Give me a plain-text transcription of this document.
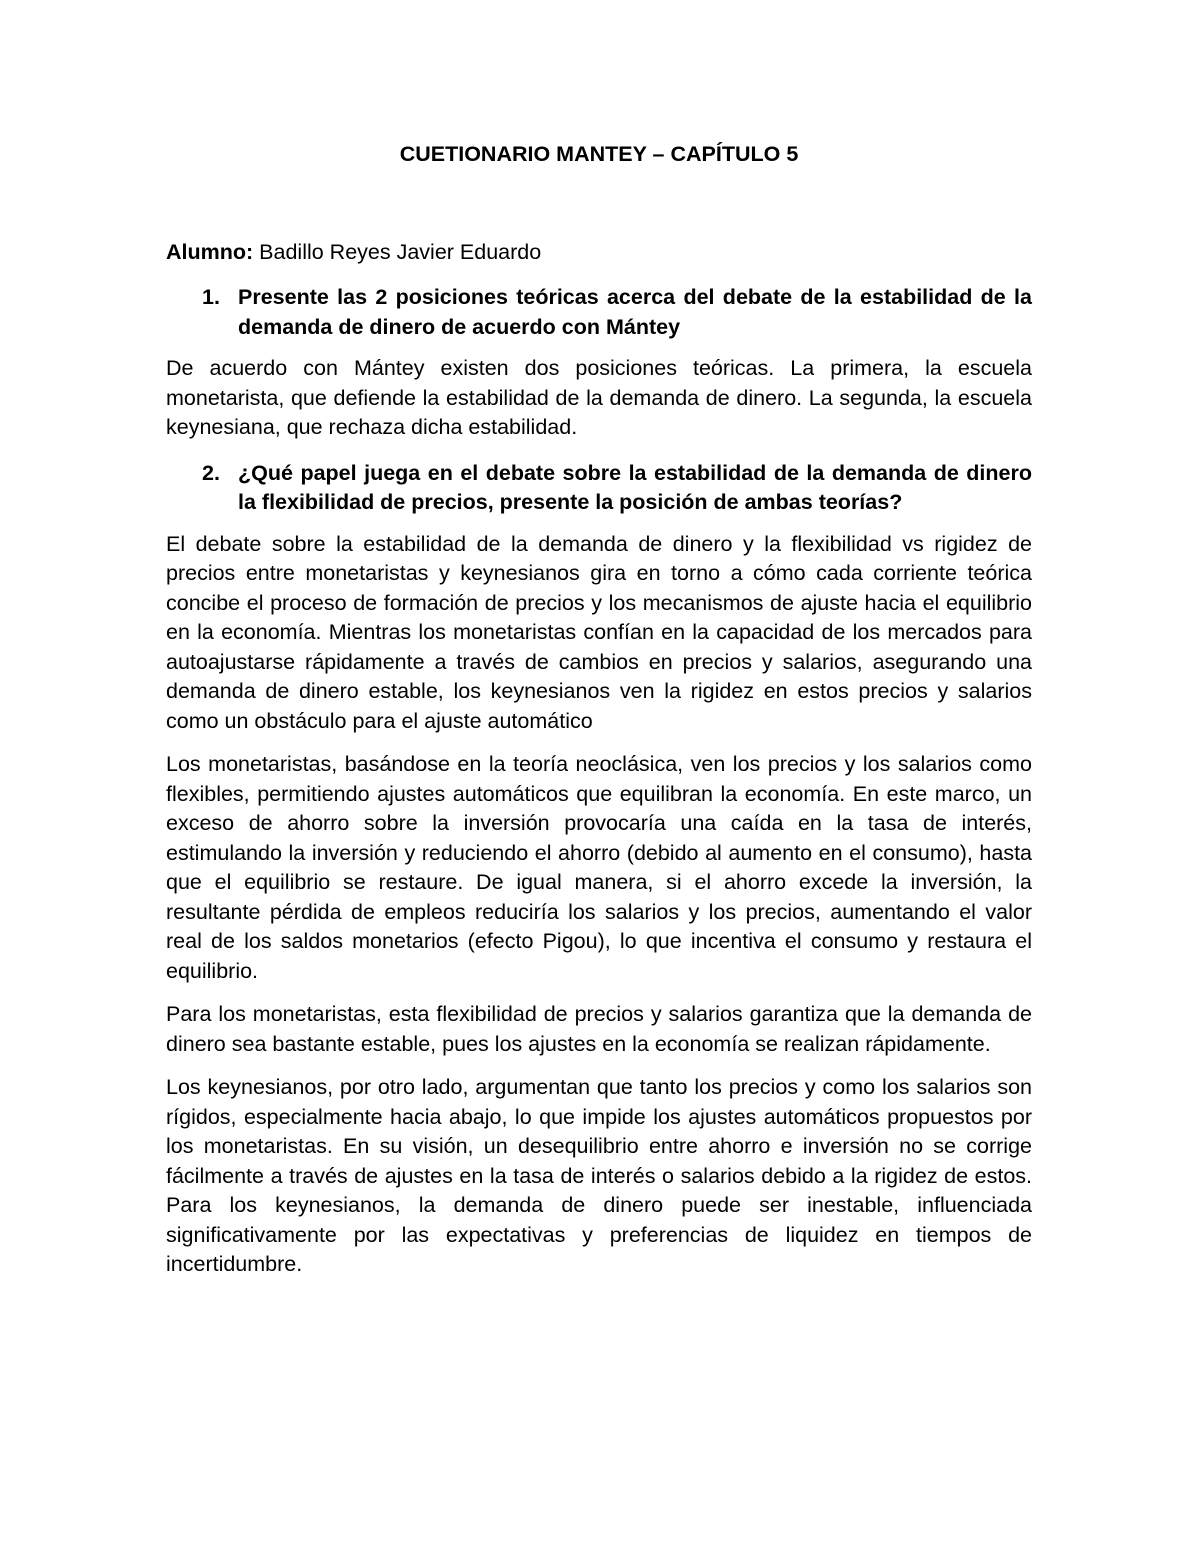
CUETIONARIO MANTEY – CAPÍTULO 5

Alumno: Badillo Reyes Javier Eduardo

1. Presente las 2 posiciones teóricas acerca del debate de la estabilidad de la demanda de dinero de acuerdo con Mántey

De acuerdo con Mántey existen dos posiciones teóricas. La primera, la escuela monetarista, que defiende la estabilidad de la demanda de dinero. La segunda, la escuela keynesiana, que rechaza dicha estabilidad.

2. ¿Qué papel juega en el debate sobre la estabilidad de la demanda de dinero la flexibilidad de precios, presente la posición de ambas teorías?

El debate sobre la estabilidad de la demanda de dinero y la flexibilidad vs rigidez de precios entre monetaristas y keynesianos gira en torno a cómo cada corriente teórica concibe el proceso de formación de precios y los mecanismos de ajuste hacia el equilibrio en la economía. Mientras los monetaristas confían en la capacidad de los mercados para autoajustarse rápidamente a través de cambios en precios y salarios, asegurando una demanda de dinero estable, los keynesianos ven la rigidez en estos precios y salarios como un obstáculo para el ajuste automático

Los monetaristas, basándose en la teoría neoclásica, ven los precios y los salarios como flexibles, permitiendo ajustes automáticos que equilibran la economía. En este marco, un exceso de ahorro sobre la inversión provocaría una caída en la tasa de interés, estimulando la inversión y reduciendo el ahorro (debido al aumento en el consumo), hasta que el equilibrio se restaure. De igual manera, si el ahorro excede la inversión, la resultante pérdida de empleos reduciría los salarios y los precios, aumentando el valor real de los saldos monetarios (efecto Pigou), lo que incentiva el consumo y restaura el equilibrio.

Para los monetaristas, esta flexibilidad de precios y salarios garantiza que la demanda de dinero sea bastante estable, pues los ajustes en la economía se realizan rápidamente.

Los keynesianos, por otro lado, argumentan que tanto los precios y como los salarios son rígidos, especialmente hacia abajo, lo que impide los ajustes automáticos propuestos por los monetaristas. En su visión, un desequilibrio entre ahorro e inversión no se corrige fácilmente a través de ajustes en la tasa de interés o salarios debido a la rigidez de estos. Para los keynesianos, la demanda de dinero puede ser inestable, influenciada significativamente por las expectativas y preferencias de liquidez en tiempos de incertidumbre.
